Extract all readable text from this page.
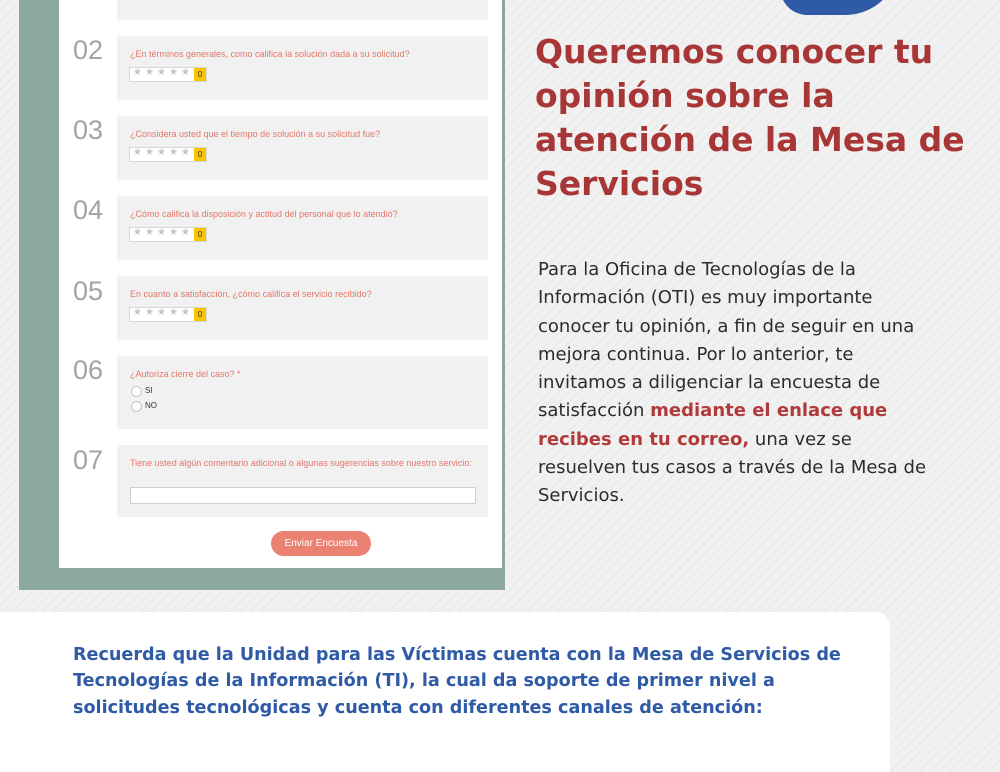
02	¿En términos generales, como califica la solución dada a su solicitud?
★ ★ ★ ★ ★ 0
03	¿Considera usted que el tiempo de solución a su solicitud fue?
★ ★ ★ ★ ★ 0
04	¿Cómo califica la disposición y actitud del personal que lo atendió?
★ ★ ★ ★ ★ 0
05	En cuanto a satisfacción, ¿cómo califica el servicio recibido?
★ ★ ★ ★ ★ 0
06	¿Autoriza cierre del caso? *
SI
NO
07	Tiene usted algún comentario adicional o algunas sugerencias sobre nuestro servicio:
Enviar Encuesta
Queremos conocer tu opinión sobre la atención de la Mesa de Servicios

Para la Oficina de Tecnologías de la Información (OTI) es muy importante conocer tu opinión, a fin de seguir en una mejora continua. Por lo anterior, te invitamos a diligenciar la encuesta de satisfacción mediante el enlace que recibes en tu correo, una vez se resuelven tus casos a través de la Mesa de Servicios.

Recuerda que la Unidad para las Víctimas cuenta con la Mesa de Servicios de Tecnologías de la Información (TI), la cual da soporte de primer nivel a solicitudes tecnológicas y cuenta con diferentes canales de atención:
